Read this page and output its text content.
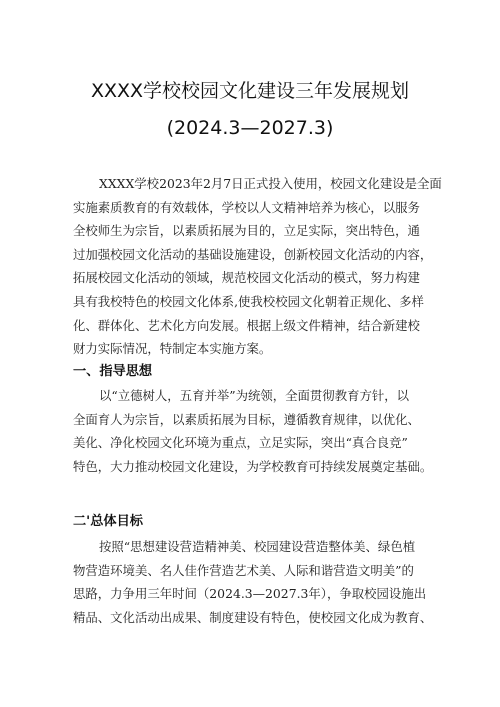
XXXX学校校园文化建设三年发展规划
(2024.3—2027.3)
XXXX学校2023年2月7日正式投入使用，校园文化建设是全面
实施素质教育的有效载体，学校以人文精神培养为核心，以服务
全校师生为宗旨，以素质拓展为目的，立足实际，突出特色，通
过加强校园文化活动的基础设施建设，创新校园文化活动的内容，
拓展校园文化活动的领域，规范校园文化活动的模式，努力构建
具有我校特色的校园文化体系,使我校校园文化朝着正规化、多样
化、群体化、艺术化方向发展。根据上级文件精神，结合新建校
财力实际情况，特制定本实施方案。
一、指导思想
以“立德树人，五育并举”为统领，全面贯彻教育方针，以
全面育人为宗旨，以素质拓展为目标，遵循教育规律，以优化、
美化、净化校园文化环境为重点，立足实际，突出“真合良竞”
特色，大力推动校园文化建设，为学校教育可持续发展奠定基础。
二'总体目标
按照“思想建设营造精神美、校园建设营造整体美、绿色植
物营造环境美、名人佳作营造艺术美、人际和谐营造文明美”的
思路，力争用三年时间（2024.3—2027.3年），争取校园设施出
精品、文化活动出成果、制度建设有特色，使校园文化成为教育、
